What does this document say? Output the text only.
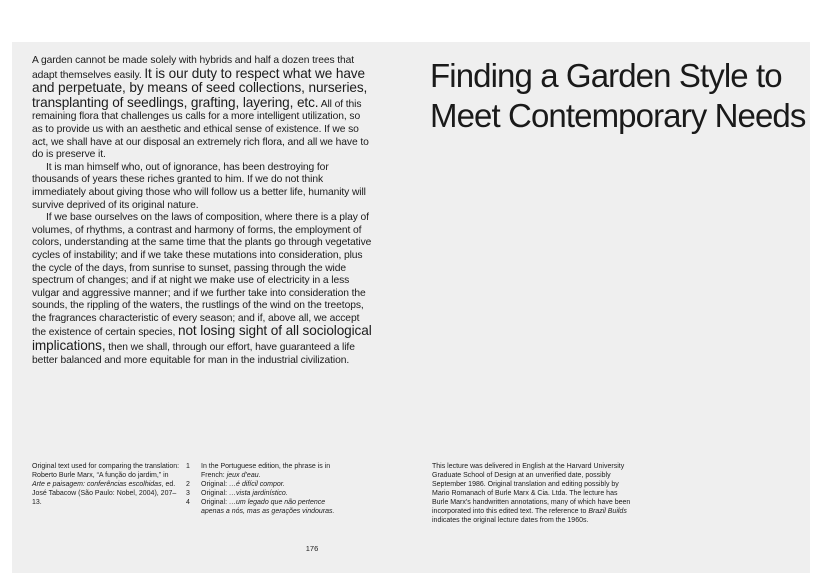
A garden cannot be made solely with hybrids and half a dozen trees that adapt themselves easily. It is our duty to respect what we have and perpetuate, by means of seed collections, nurseries, transplanting of seedlings, grafting, layering, etc. All of this remaining flora that challenges us calls for a more intelligent utilization, so as to provide us with an aesthetic and ethical sense of existence. If we so act, we shall have at our disposal an extremely rich flora, and all we have to do is preserve it.

It is man himself who, out of ignorance, has been destroying for thousands of years these riches granted to him. If we do not think immediately about giving those who will follow us a better life, humanity will survive deprived of its original nature.

If we base ourselves on the laws of composition, where there is a play of volumes, of rhythms, a contrast and harmony of forms, the employment of colors, understanding at the same time that the plants go through vegetative cycles of instability; and if we take these mutations into consideration, plus the cycle of the days, from sunrise to sunset, passing through the wide spectrum of changes; and if at night we make use of electricity in a less vulgar and aggressive manner; and if we further take into consideration the sounds, the rippling of the waters, the rustlings of the wind on the treetops, the fragrances characteristic of every season; and if, above all, we accept the existence of certain species, not losing sight of all sociological implications, then we shall, through our effort, have guaranteed a life better balanced and more equitable for man in the industrial civilization.

Original text used for comparing the translation: Roberto Burle Marx, “A função do jardim,” in Arte e paisagem: conferências escolhidas, ed. José Tabacow (São Paulo: Nobel, 2004), 207–13.
1 In the Portuguese edition, the phrase is in French: jeux d’eau.
2 Original: …é difícil compor.
3 Original: …vista jardinístico.
4 Original: …um legado que não pertence apenas a nós, mas as gerações vindouras.
176
Finding a Garden Style to Meet Contemporary Needs
This lecture was delivered in English at the Harvard University Graduate School of Design at an unverified date, possibly September 1986. Original translation and editing possibly by Mario Romanach of Burle Marx & Cia. Ltda. The lecture has Burle Marx’s handwritten annotations, many of which have been incorporated into this edited text. The reference to Brazil Builds indicates the original lecture dates from the 1960s.
